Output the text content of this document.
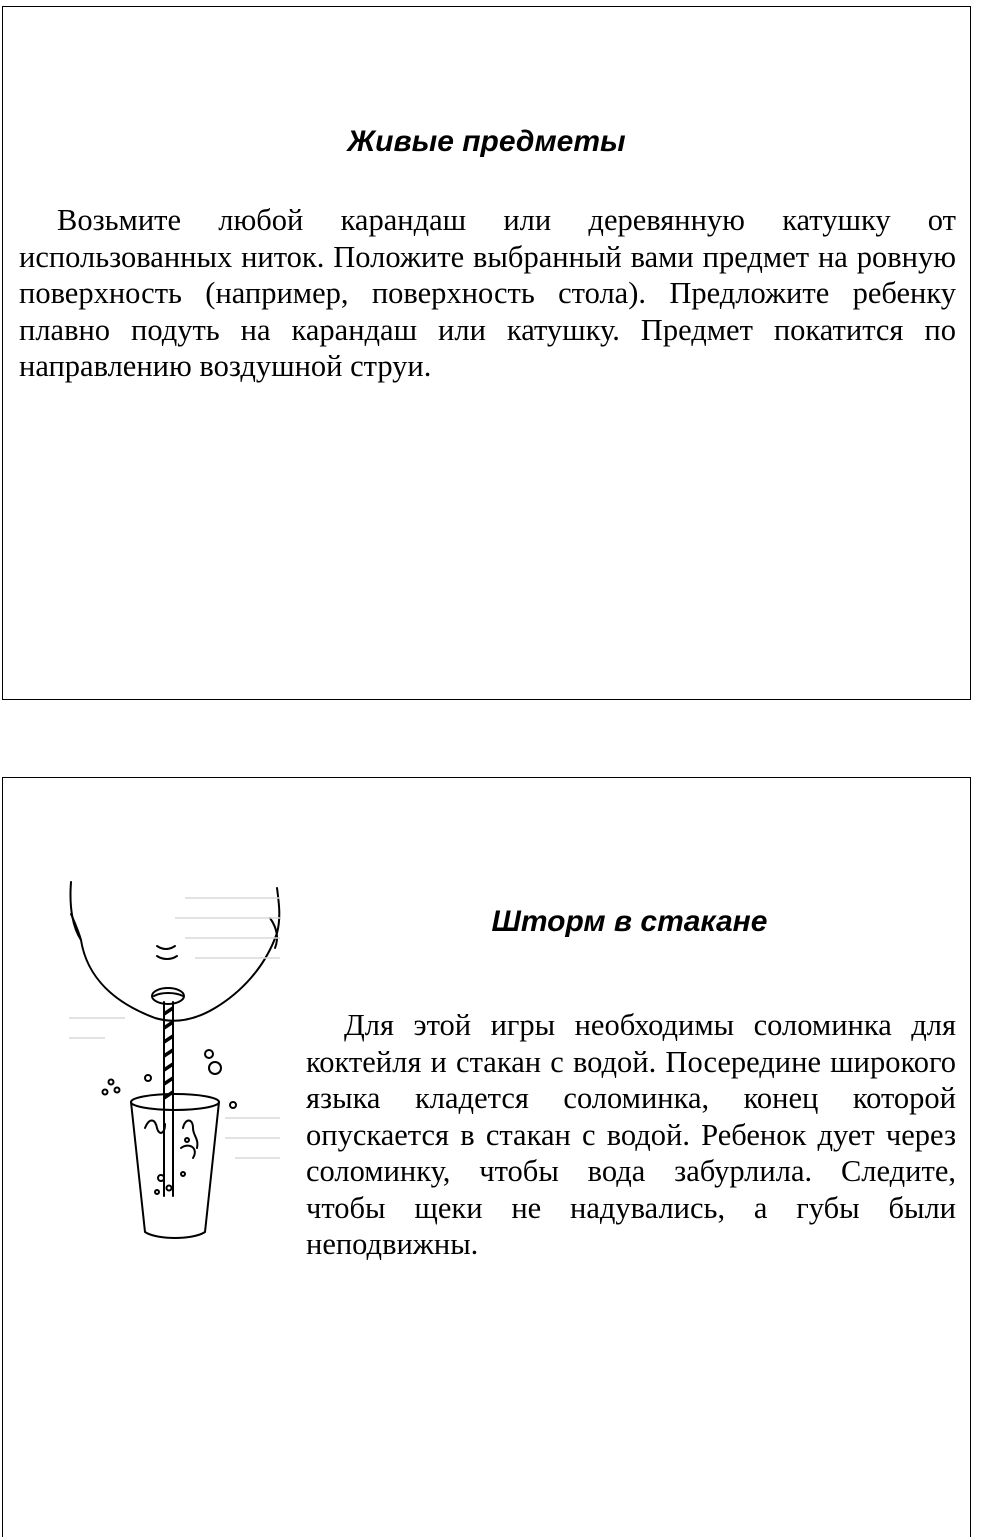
Живые предметы

Возьмите любой карандаш или деревянную катушку от использованных ниток. Положите выбранный вами предмет на ровную поверхность (например, поверхность стола). Предложите ребенку плавно подуть на карандаш или катушку. Предмет покатится по направлению воздушной струи.

Шторм в стакане

Для этой игры необходимы соломинка для коктейля и стакан с водой. Посередине широкого языка кладется соломинка, конец которой опускается в стакан с водой. Ребенок дует через соломинку, чтобы вода забурлила. Следите, чтобы щеки не надувались, а губы были неподвижны.
